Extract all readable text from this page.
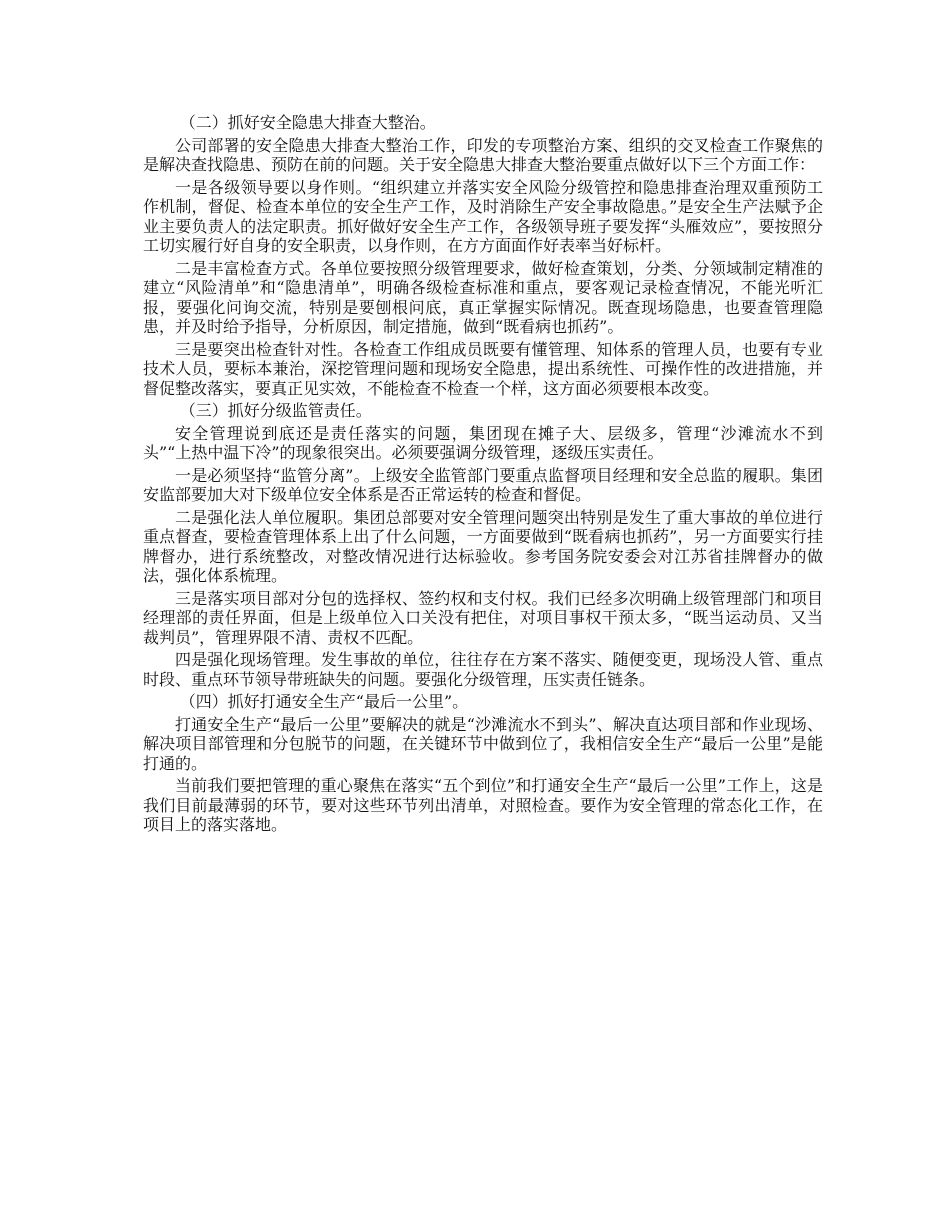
（二）抓好安全隐患大排查大整治。

公司部署的安全隐患大排查大整治工作，印发的专项整治方案、组织的交叉检查工作聚焦的是解决查找隐患、预防在前的问题。关于安全隐患大排查大整治要重点做好以下三个方面工作：

一是各级领导要以身作则。“组织建立并落实安全风险分级管控和隐患排查治理双重预防工作机制，督促、检查本单位的安全生产工作，及时消除生产安全事故隐患。”是安全生产法赋予企业主要负责人的法定职责。抓好做好安全生产工作，各级领导班子要发挥“头雁效应”，要按照分工切实履行好自身的安全职责，以身作则，在方方面面作好表率当好标杆。

二是丰富检查方式。各单位要按照分级管理要求，做好检查策划，分类、分领域制定精准的建立“风险清单”和“隐患清单”，明确各级检查标准和重点，要客观记录检查情况，不能光听汇报，要强化问询交流，特别是要刨根问底，真正掌握实际情况。既查现场隐患，也要查管理隐患，并及时给予指导，分析原因，制定措施，做到“既看病也抓药”。

三是要突出检查针对性。各检查工作组成员既要有懂管理、知体系的管理人员，也要有专业技术人员，要标本兼治，深挖管理问题和现场安全隐患，提出系统性、可操作性的改进措施，并督促整改落实，要真正见实效，不能检查不检查一个样，这方面必须要根本改变。

（三）抓好分级监管责任。

安全管理说到底还是责任落实的问题，集团现在摊子大、层级多，管理“沙滩流水不到头”“上热中温下冷”的现象很突出。必须要强调分级管理，逐级压实责任。

一是必须坚持“监管分离”。上级安全监管部门要重点监督项目经理和安全总监的履职。集团安监部要加大对下级单位安全体系是否正常运转的检查和督促。

二是强化法人单位履职。集团总部要对安全管理问题突出特别是发生了重大事故的单位进行重点督查，要检查管理体系上出了什么问题，一方面要做到“既看病也抓药”，另一方面要实行挂牌督办，进行系统整改，对整改情况进行达标验收。参考国务院安委会对江苏省挂牌督办的做法，强化体系梳理。

三是落实项目部对分包的选择权、签约权和支付权。我们已经多次明确上级管理部门和项目经理部的责任界面，但是上级单位入口关没有把住，对项目事权干预太多，“既当运动员、又当裁判员”，管理界限不清、责权不匹配。

四是强化现场管理。发生事故的单位，往往存在方案不落实、随便变更，现场没人管、重点时段、重点环节领导带班缺失的问题。要强化分级管理，压实责任链条。

（四）抓好打通安全生产“最后一公里”。

打通安全生产“最后一公里”要解决的就是“沙滩流水不到头”、解决直达项目部和作业现场、解决项目部管理和分包脱节的问题，在关键环节中做到位了，我相信安全生产“最后一公里”是能打通的。

当前我们要把管理的重心聚焦在落实“五个到位”和打通安全生产“最后一公里”工作上，这是我们目前最薄弱的环节，要对这些环节列出清单，对照检查。要作为安全管理的常态化工作，在项目上的落实落地。
